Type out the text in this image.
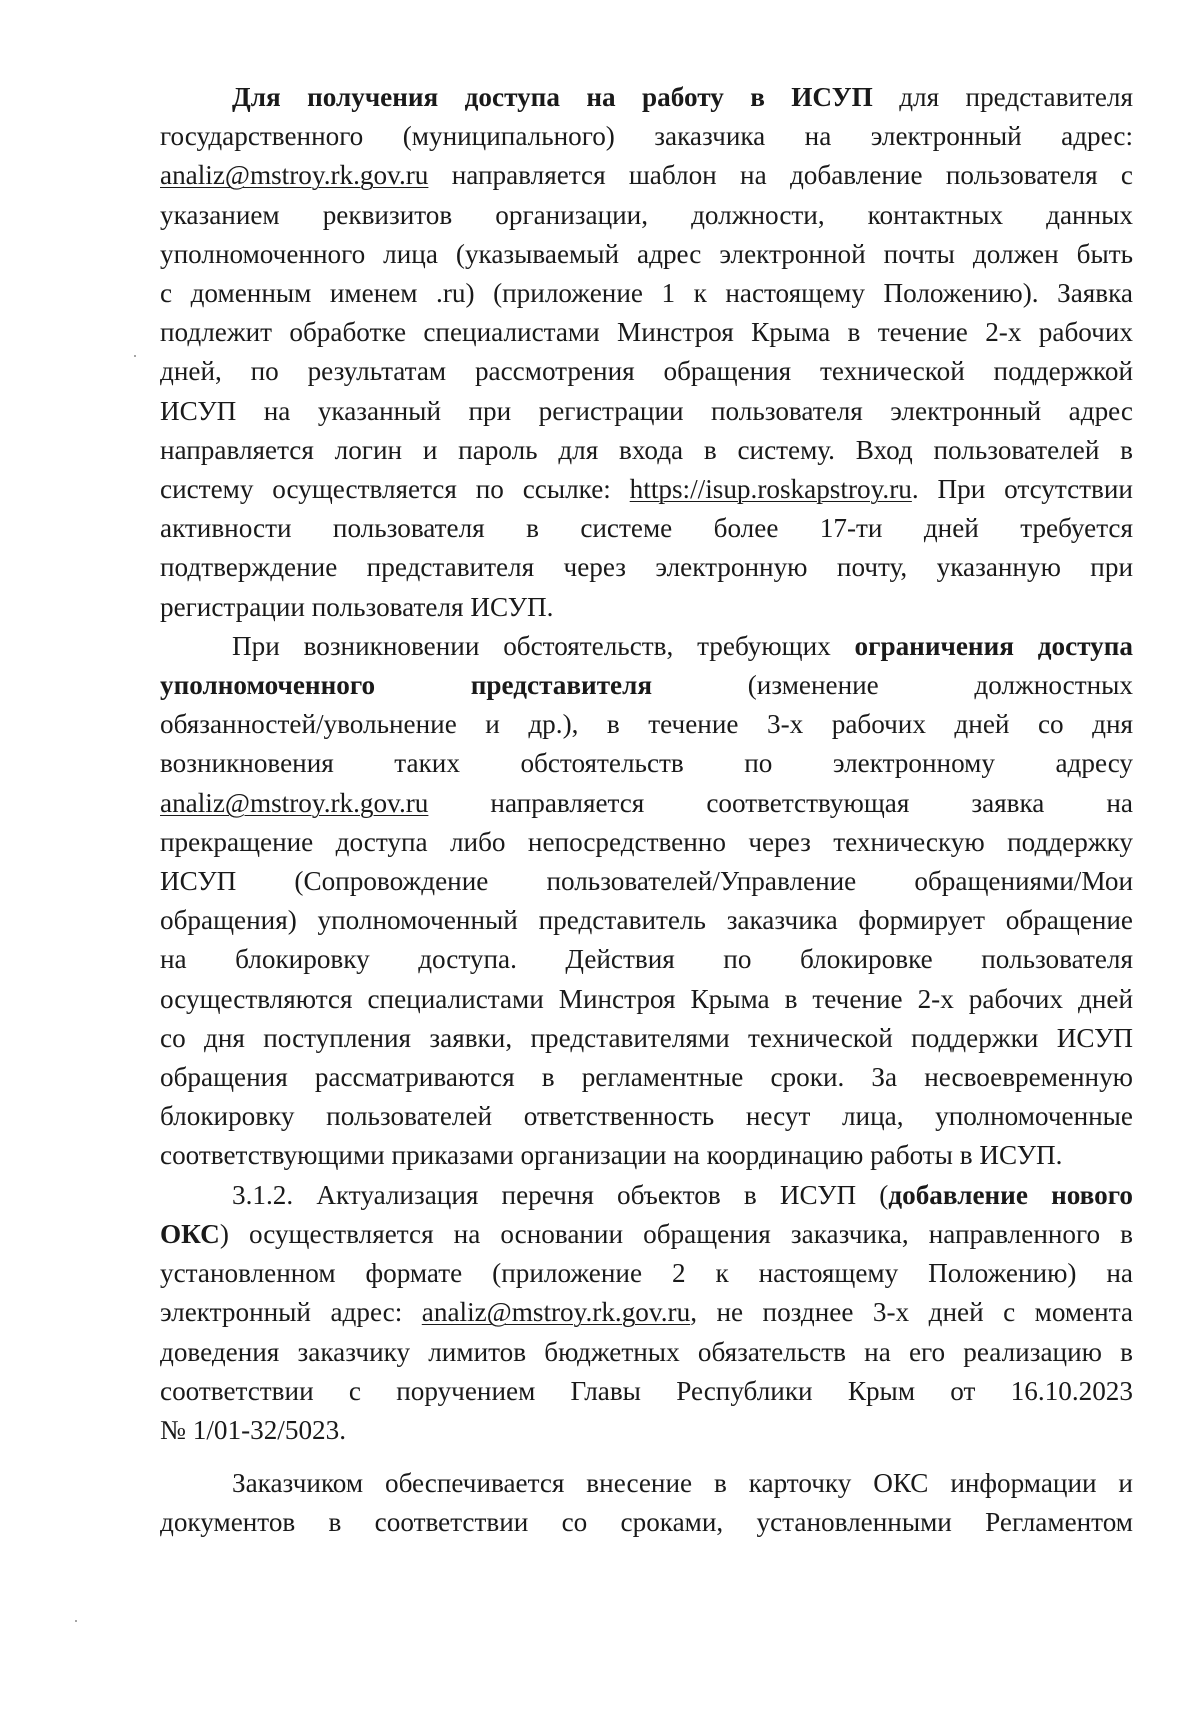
Для получения доступа на работу в ИСУП для представителя
государственного (муниципального) заказчика на электронный адрес:
analiz@mstroy.rk.gov.ru направляется шаблон на добавление пользователя с
указанием реквизитов организации, должности, контактных данных
уполномоченного лица (указываемый адрес электронной почты должен быть
с доменным именем .ru) (приложение 1 к настоящему Положению). Заявка
подлежит обработке специалистами Минстроя Крыма в течение 2-х рабочих
дней, по результатам рассмотрения обращения технической поддержкой
ИСУП на указанный при регистрации пользователя электронный адрес
направляется логин и пароль для входа в систему. Вход пользователей в
систему осуществляется по ссылке: https://isup.roskapstroy.ru. При отсутствии
активности пользователя в системе более 17-ти дней требуется
подтверждение представителя через электронную почту, указанную при
регистрации пользователя ИСУП.
При возникновении обстоятельств, требующих ограничения доступа
уполномоченного представителя (изменение должностных
обязанностей/увольнение и др.), в течение 3-х рабочих дней со дня
возникновения таких обстоятельств по электронному адресу
analiz@mstroy.rk.gov.ru направляется соответствующая заявка на
прекращение доступа либо непосредственно через техническую поддержку
ИСУП (Сопровождение пользователей/Управление обращениями/Мои
обращения) уполномоченный представитель заказчика формирует обращение
на блокировку доступа. Действия по блокировке пользователя
осуществляются специалистами Минстроя Крыма в течение 2-х рабочих дней
со дня поступления заявки, представителями технической поддержки ИСУП
обращения рассматриваются в регламентные сроки. За несвоевременную
блокировку пользователей ответственность несут лица, уполномоченные
соответствующими приказами организации на координацию работы в ИСУП.
3.1.2. Актуализация перечня объектов в ИСУП (добавление нового
ОКС) осуществляется на основании обращения заказчика, направленного в
установленном формате (приложение 2 к настоящему Положению) на
электронный адрес: analiz@mstroy.rk.gov.ru, не позднее 3-х дней с момента
доведения заказчику лимитов бюджетных обязательств на его реализацию в
соответствии с поручением Главы Республики Крым от 16.10.2023
№ 1/01-32/5023.
Заказчиком обеспечивается внесение в карточку ОКС информации и
документов в соответствии со сроками, установленными Регламентом
